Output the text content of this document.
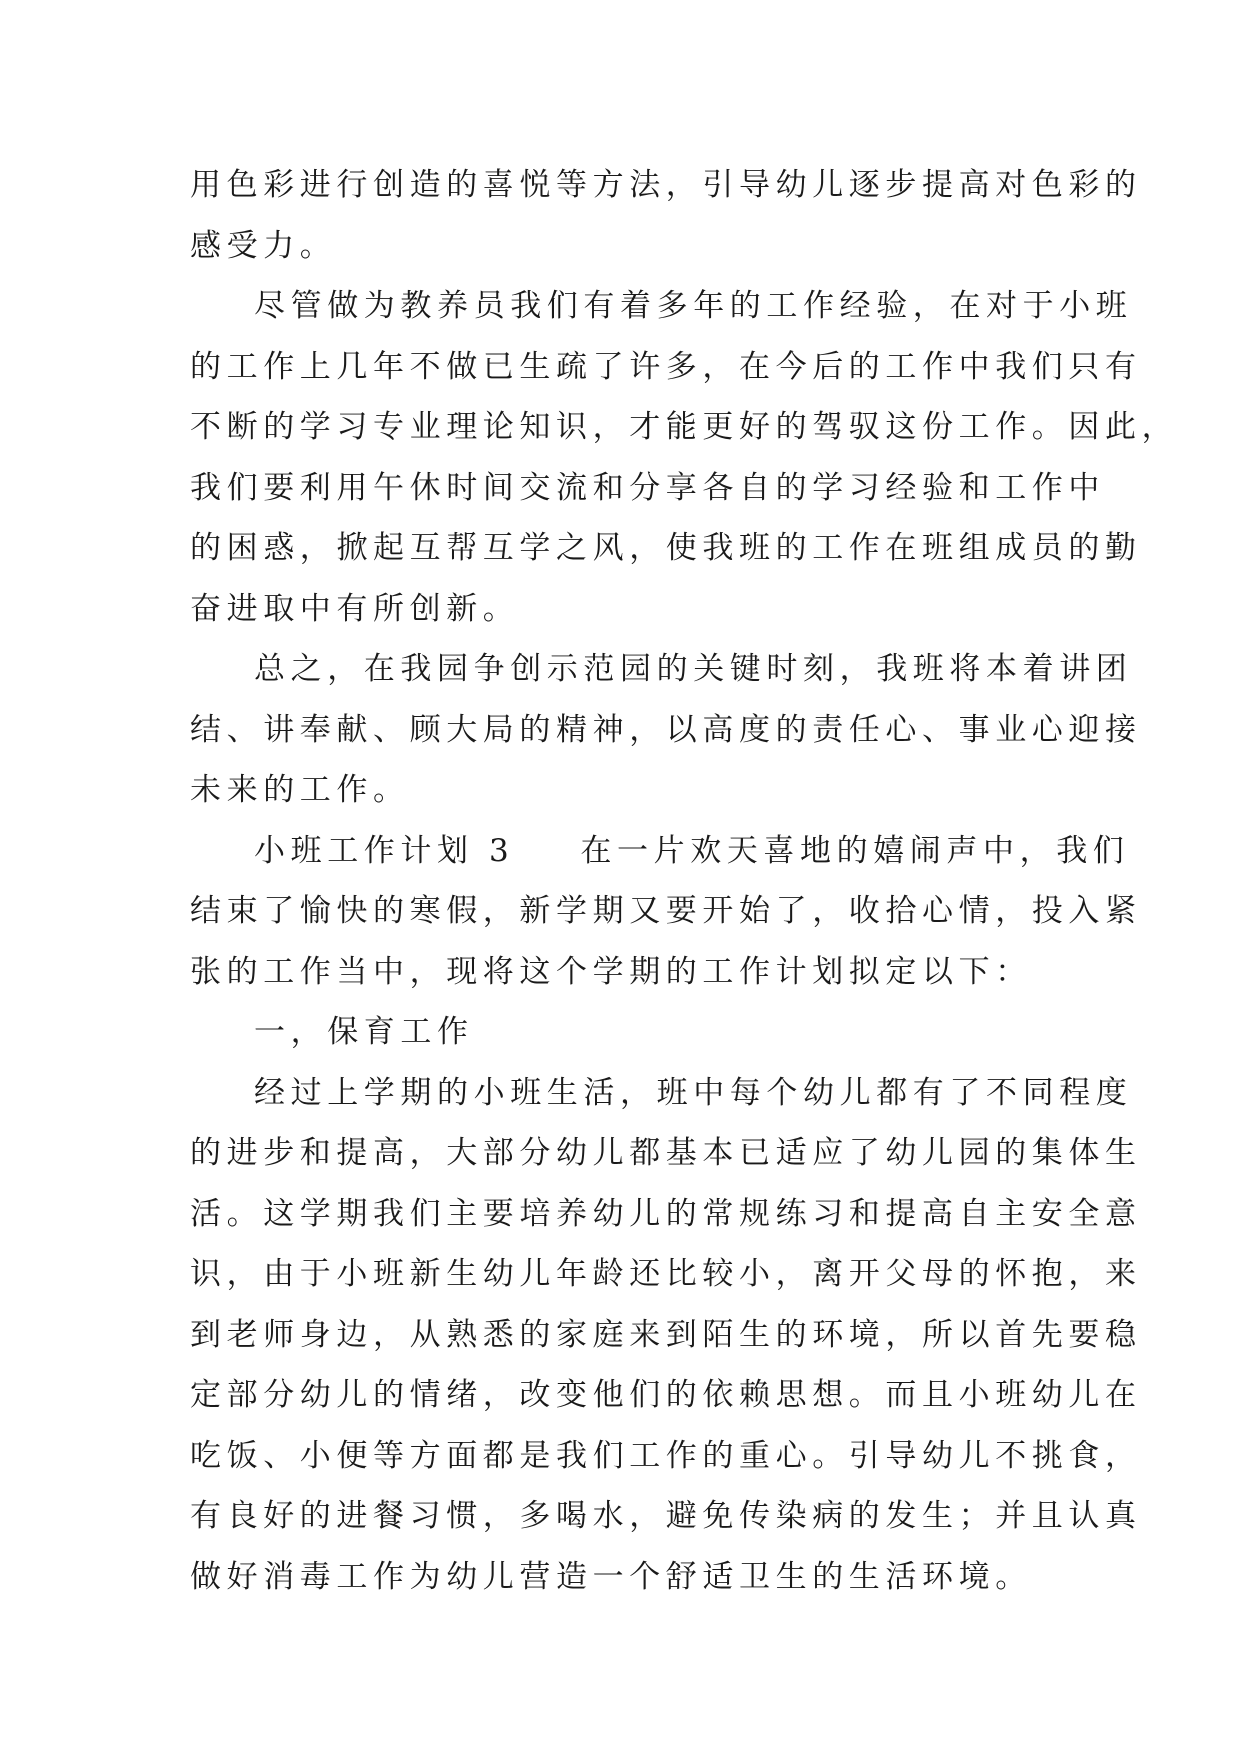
用色彩进行创造的喜悦等方法，引导幼儿逐步提高对色彩的
感受力。
尽管做为教养员我们有着多年的工作经验，在对于小班
的工作上几年不做已生疏了许多，在今后的工作中我们只有
不断的学习专业理论知识，才能更好的驾驭这份工作。因此，
我们要利用午休时间交流和分享各自的学习经验和工作中
的困惑，掀起互帮互学之风，使我班的工作在班组成员的勤
奋进取中有所创新。
总之，在我园争创示范园的关键时刻，我班将本着讲团
结、讲奉献、顾大局的精神，以高度的责任心、事业心迎接
未来的工作。
小班工作计划 3 在一片欢天喜地的嬉闹声中，我们
结束了愉快的寒假，新学期又要开始了，收拾心情，投入紧
张的工作当中，现将这个学期的工作计划拟定以下：
一，保育工作
经过上学期的小班生活，班中每个幼儿都有了不同程度
的进步和提高，大部分幼儿都基本已适应了幼儿园的集体生
活。这学期我们主要培养幼儿的常规练习和提高自主安全意
识，由于小班新生幼儿年龄还比较小，离开父母的怀抱，来
到老师身边，从熟悉的家庭来到陌生的环境，所以首先要稳
定部分幼儿的情绪，改变他们的依赖思想。而且小班幼儿在
吃饭、小便等方面都是我们工作的重心。引导幼儿不挑食，
有良好的进餐习惯，多喝水，避免传染病的发生；并且认真
做好消毒工作为幼儿营造一个舒适卫生的生活环境。
